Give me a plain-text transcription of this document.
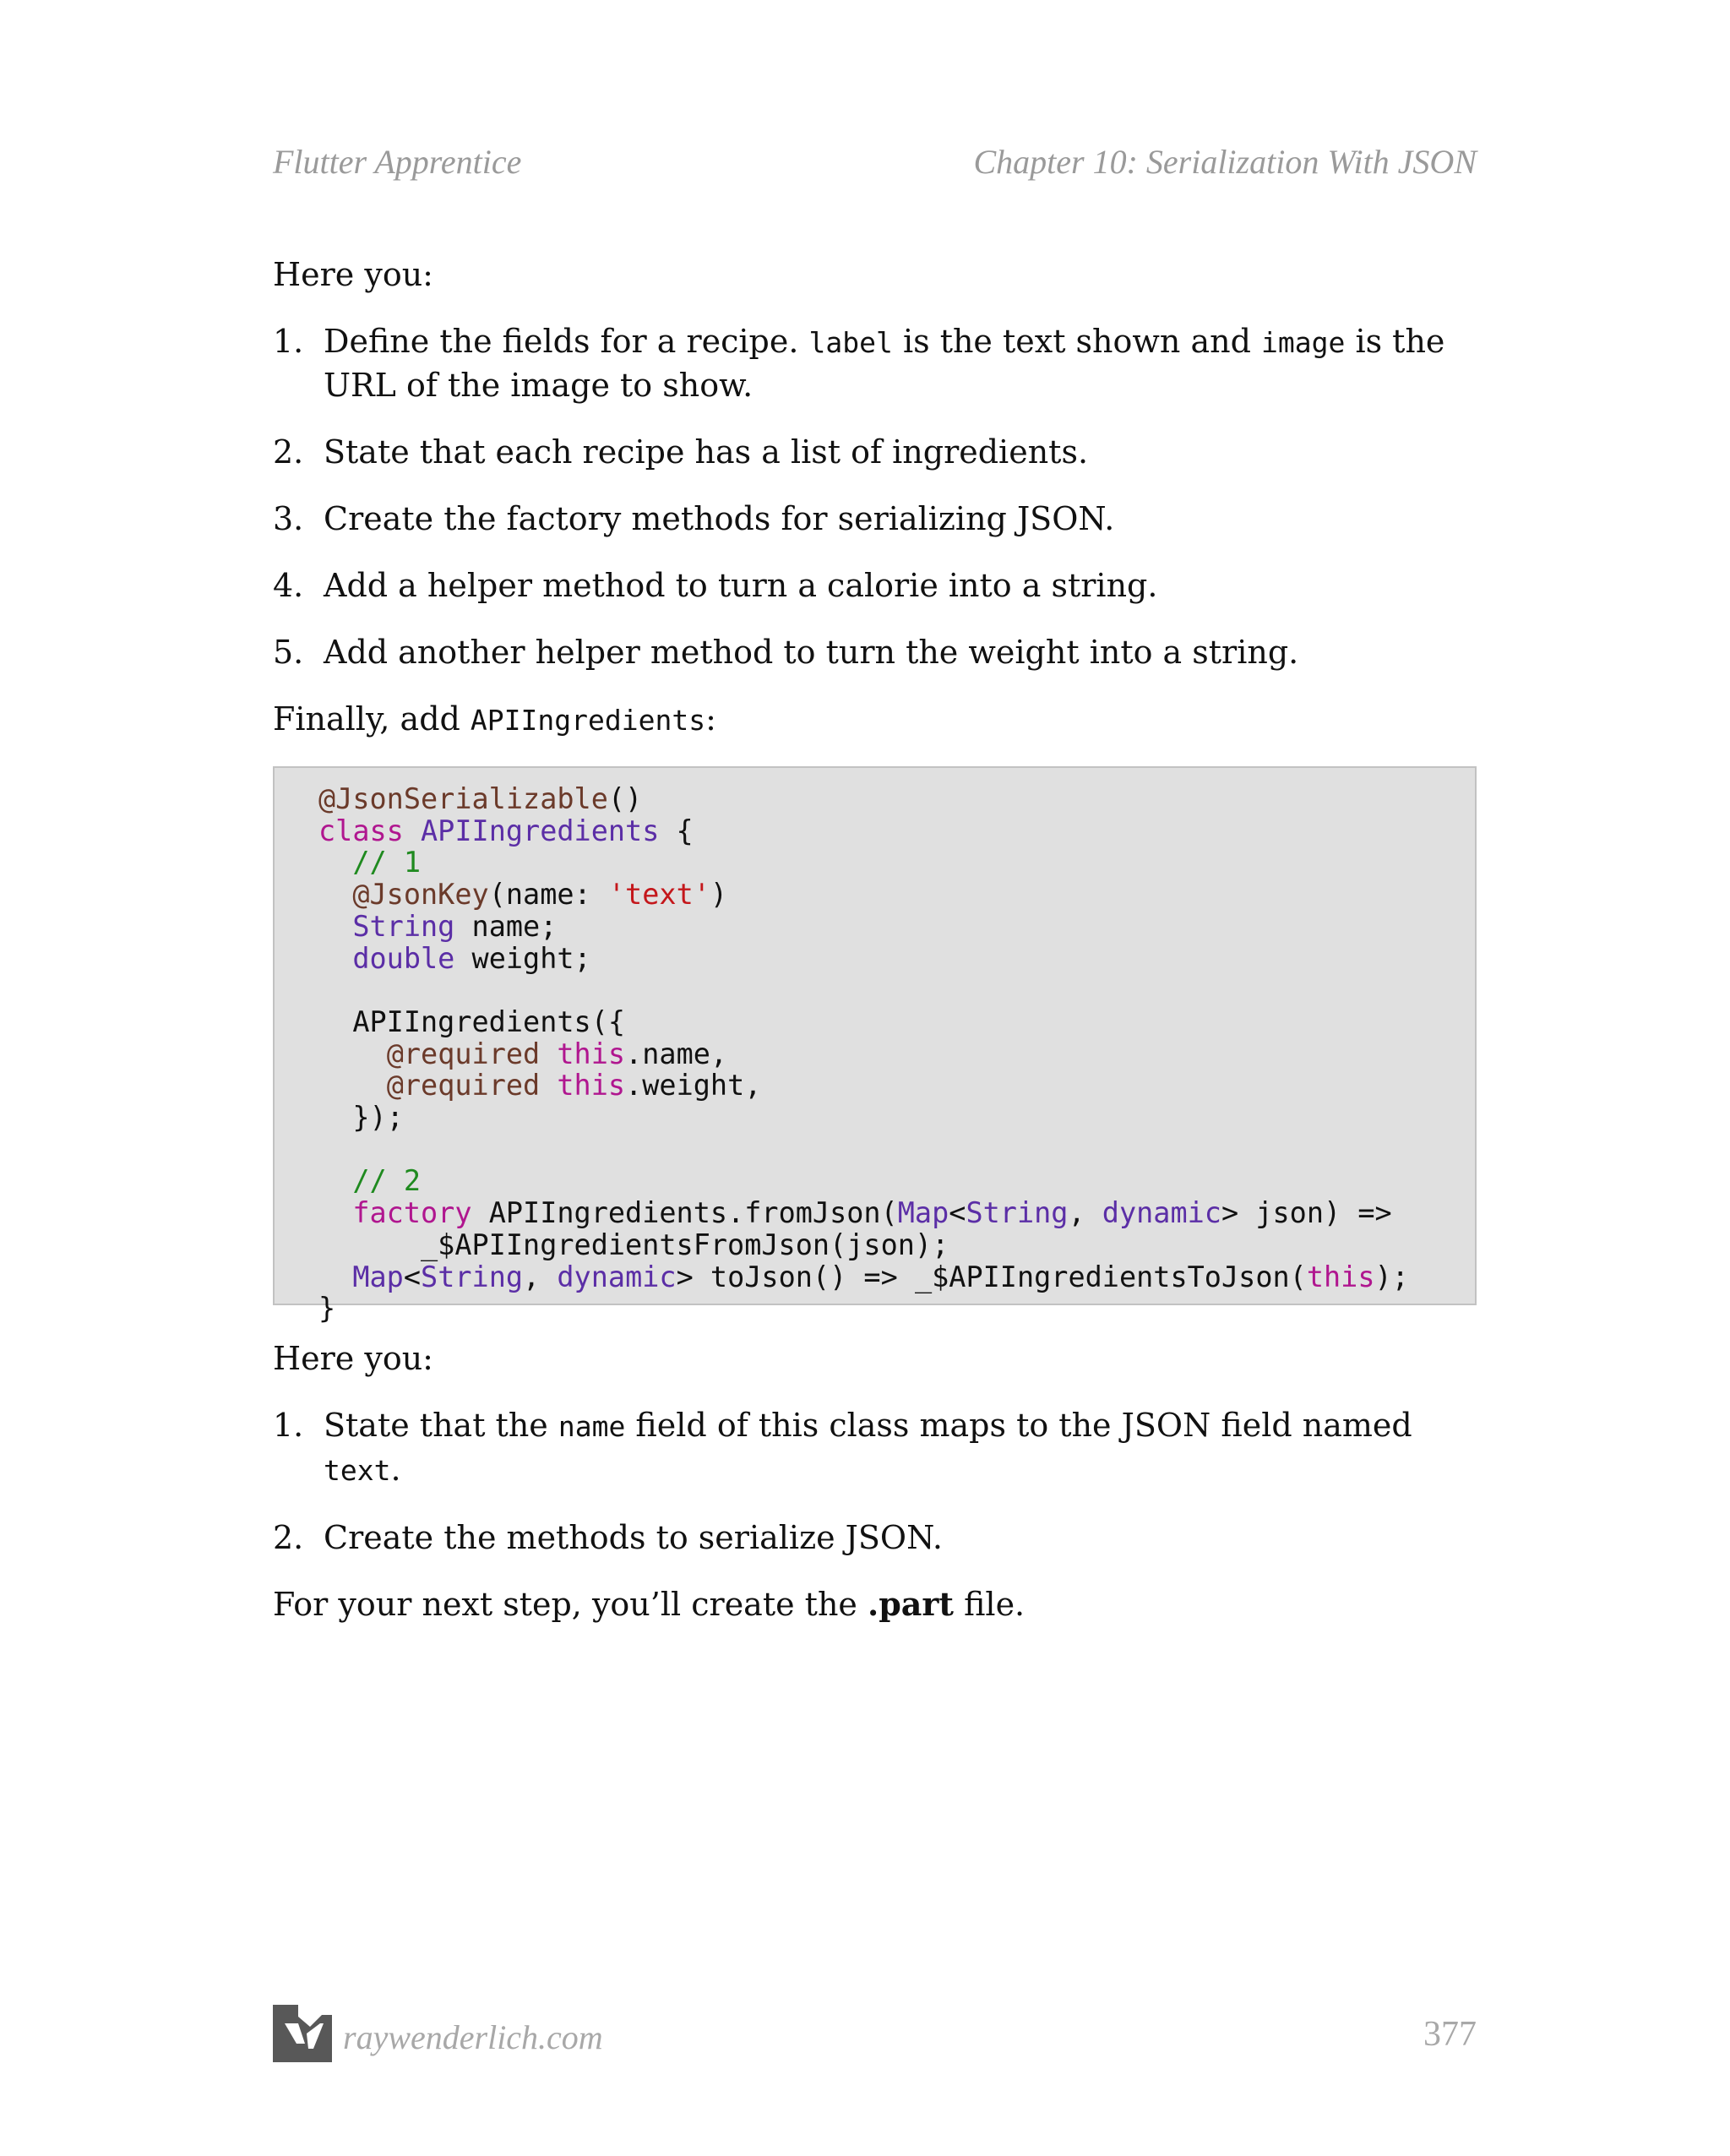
Flutter Apprentice	Chapter 10: Serialization With JSON

Here you:

1. Define the fields for a recipe. label is the text shown and image is the URL of the image to show.
2. State that each recipe has a list of ingredients.
3. Create the factory methods for serializing JSON.
4. Add a helper method to turn a calorie into a string.
5. Add another helper method to turn the weight into a string.

Finally, add APIIngredients:

@JsonSerializable()
class APIIngredients {
// 1
@JsonKey(name: 'text')
String name;
double weight;

APIIngredients({
@required this.name,
@required this.weight,
});

// 2
factory APIIngredients.fromJson(Map<String, dynamic> json) =>
_$APIIngredientsFromJson(json);
Map<String, dynamic> toJson() => _$APIIngredientsToJson(this);
}

Here you:

1. State that the name field of this class maps to the JSON field named text.
2. Create the methods to serialize JSON.

For your next step, you’ll create the .part file.

raywenderlich.com	377
